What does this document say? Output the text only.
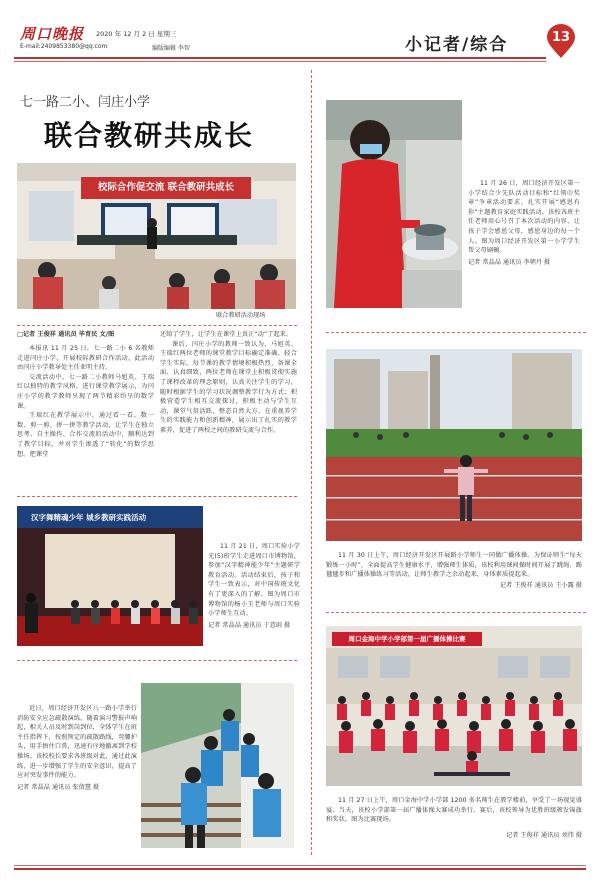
周口晚报 2020 年 12 月 2 日 星期三
E-mail:2409853380@qq.com	编版编辑 李智	小记者/综合	13
七一路二小、闫庄小学
联合教研共成长
校际合作促交流 联合教研共成长
联合教研活动现场
□记者 王俊祥 通讯员 毕育民 文/图

本报讯 11 月 25 日，七一路二小 6 名教师走进闫庄小学，开展校际教研合作活动，此活动由闫庄小学教导处主任亚明主持。

交流活动中，七一路二小教师马旭英、王瑞红以独特的教学风格，进行课堂教学展示，为闫庄小学的教学教师呈现了两节精彩纷呈的数学课。

王瑞红在教学展示中，通过看一看、数一数、剪一剪、拼一拼等教学活动，让学生在独立思考、自主操作、合作交流的活动中，顺利达到了教学目标，并对学生渗透了“转化”的数学思想。把课堂

还给了学生，让学生在课堂上真正“动”了起来。

课后，闫庄小学的教师一致认为，马旭英、王瑞红两位老师的课堂教学目标确定准确、轻合学生实际，每节课的教学情境积极热烈，备课全面、认真细致，两位老师在课堂上积极贯彻实施了课程改革的理念原则，认真关注学生的学习，随时根据学生的学习状况调整教学行为方式；积极营造学生相互交流探讨，积极主动与学生互动，课堂气氛活跃，整态自然大方，在重视养学生的实践能力和创新精神，展示出了扎实的教学素养，促进了两校之间的教研交流与合作。

汉字舞精魂少年 城乡教研实践活动

11 月 21 日，周口实验小学光(5)班学生走进周口市博物馆，参加“汉字精神能少年”主题研学教育活动。活动结束后，孩子和学生一致表示，对中国传统文化有了更深入的了解。图为周口市博物馆的杨小玉老师与周口实验小学师生互动。

记者 常晶晶 通讯员 于意雨 摄

近日，周口经济开发区八一路小学举行消防安全应急疏散演练。随着演习警报声响起，相关人员及时到岗到位，全体学生在班主任指挥下，按照预定的疏散路线，弯腰护头，用手捂住口鼻，迅速有序地撤离到学校操场。该校校长要求各班级对此，通过此演练，进一步增强了学生的安全意识，提高了应对突发事件的能力。

记者 常晶晶 通讯员 张倩慧 摄

11 月 26 日，周口经济开发区第一小学结合少先队活动目标和“红领巾奖章”争章活动要求，扎实开展“感恩有你”主题教育家庭实践活动。该校各班主任老师用心号召了本次活动的内容，让孩子学会感恩父母，感恩身边的每一个人。图为周口经济开发区第一小学学生帮父母刷碗。

记者 常晶晶 通讯员 李朝丹 摄

11 月 30 日上午，周口经济开发区开展路小学师生一同做广播体操。为保证师生“每天锻炼一小时”，全面提高学生健康水平，增强师生体质，该校利用课间操时间开展了跳绳、踢毽毽步和广播体操练习等活动，让师生教学之余动起来，身体素质提起来。

记者 王俊祥 通讯员 王小露 摄

周口金海中学小学部第一届广播体操比赛

11 月 27 日上午，周口金海中学小学部 1200 多名师生在教学楼前，享受了一场视觉盛宴。当天，该校小学部第一届广播体操大赛成功举行。赛后，该校领导为优胜班级颁发锦旗和奖状。图为比赛现场。

记者 王俊祥 通讯员 刘伟 摄
